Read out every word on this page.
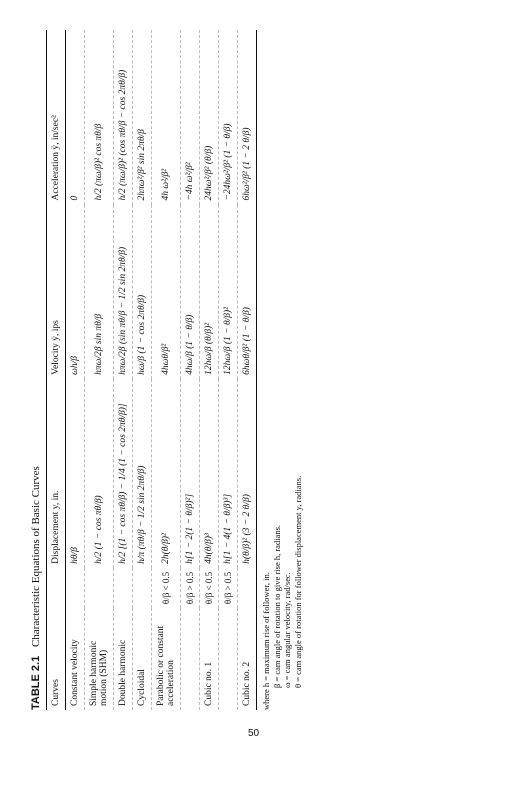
TABLE 2.1 Characteristic Equations of Basic Curves
Curves		Displacement y, in.	Velocity ẏ, ips	Acceleration ÿ, in/sec²
Constant velocity		hθ/β	ωh/β	0
Simple harmonic motion (SHM)		h/2 (1 − cos πθ/β)	hπω/2β sin πθ/β	h/2 (πω/β)² cos πθ/β
Double harmonic		h/2 [(1 − cos πθ/β) − 1/4 (1 − cos 2πθ/β)]	hπω/2β (sin πθ/β − 1/2 sin 2πθ/β)	h/2 (πω/β)² (cos πθ/β − cos 2πθ/β)
Cycloidal		h/π (πθ/β − 1/2 sin 2πθ/β)	hω/β (1 − cos 2πθ/β)	2hπω²/β² sin 2πθ/β
Parabolic or constant acceleration	θ/β < 0.5	2h(θ/β)²	4hωθ/β²	4h ω²/β²
	θ/β > 0.5	h[1 − 2(1 − θ/β)²]	4hω/β (1 − θ/β)	−4h ω²/β²
Cubic no. 1	θ/β < 0.5	4h(θ/β)³	12hω/β (θ/β)²	24hω²/β² (θ/β)
	θ/β > 0.5	h[1 − 4(1 − θ/β)³]	12hω/β (1 − θ/β)²	−24hω²/β² (1 − θ/β)
Cubic no. 2		h(θ/β)² (3 − 2 θ/β)	6hωθ/β² (1 − θ/β)	6hω²/β² (1 − 2 θ/β)
where h = maximum rise of follower, in. β = cam angle of rotation to give rise h, radians. ω = cam angular velocity, rad/sec. θ = cam angle of rotation for follower displacement y, radians.
50
